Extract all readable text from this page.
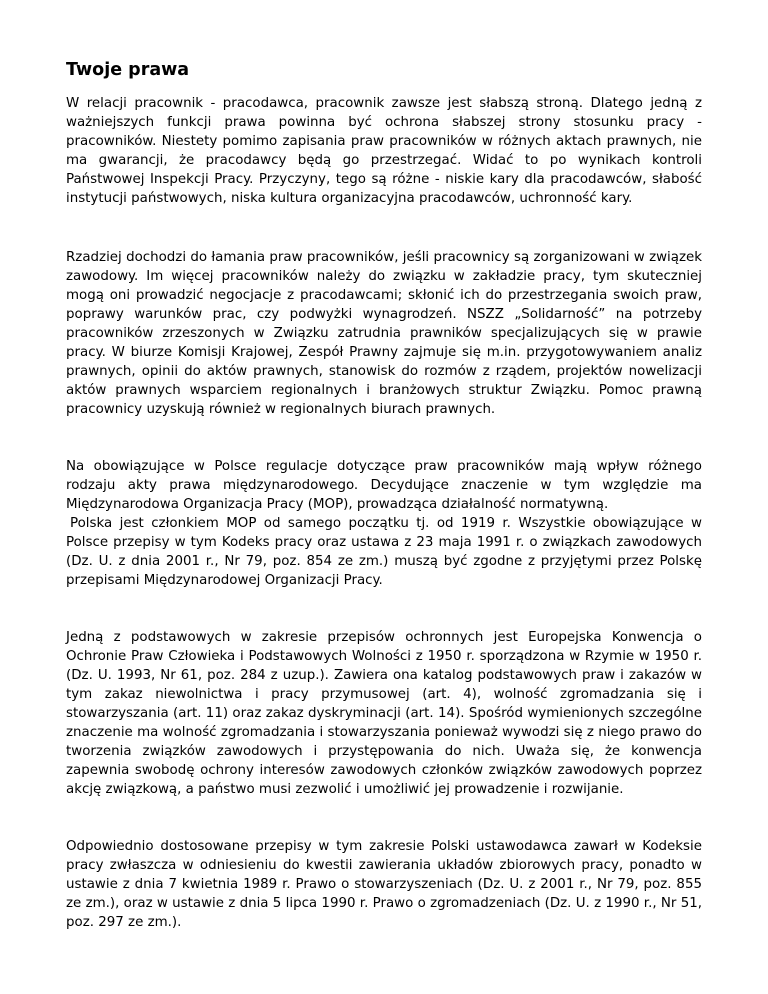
Twoje prawa

W relacji pracownik - pracodawca, pracownik zawsze jest słabszą stroną. Dlatego jedną z ważniejszych funkcji prawa powinna być ochrona słabszej strony stosunku pracy - pracowników. Niestety pomimo zapisania praw pracowników w różnych aktach prawnych, nie ma gwarancji, że pracodawcy będą go przestrzegać. Widać to po wynikach kontroli Państwowej Inspekcji Pracy. Przyczyny, tego są różne - niskie kary dla pracodawców, słabość instytucji państwowych, niska kultura organizacyjna pracodawców, uchronność kary.

Rzadziej dochodzi do łamania praw pracowników, jeśli pracownicy są zorganizowani w związek zawodowy. Im więcej pracowników należy do związku w zakładzie pracy, tym skuteczniej mogą oni prowadzić negocjacje z pracodawcami; skłonić ich do przestrzegania swoich praw, poprawy warunków prac, czy podwyżki wynagrodzeń. NSZZ „Solidarność” na potrzeby pracowników zrzeszonych w Związku zatrudnia prawników specjalizujących się w prawie pracy. W biurze Komisji Krajowej, Zespół Prawny zajmuje się m.in. przygotowywaniem analiz prawnych, opinii do aktów prawnych, stanowisk do rozmów z rządem, projektów nowelizacji aktów prawnych wsparciem regionalnych i branżowych struktur Związku. Pomoc prawną pracownicy uzyskują również w regionalnych biurach prawnych.

Na obowiązujące w Polsce regulacje dotyczące praw pracowników mają wpływ różnego rodzaju akty prawa międzynarodowego. Decydujące znaczenie w tym względzie ma Międzynarodowa Organizacja Pracy (MOP), prowadząca działalność normatywną.

Polska jest członkiem MOP od samego początku tj. od 1919 r. Wszystkie obowiązujące w Polsce przepisy w tym Kodeks pracy oraz ustawa z 23 maja 1991 r. o związkach zawodowych (Dz. U. z dnia 2001 r., Nr 79, poz. 854 ze zm.) muszą być zgodne z przyjętymi przez Polskę przepisami Międzynarodowej Organizacji Pracy.

Jedną z podstawowych w zakresie przepisów ochronnych jest Europejska Konwencja o Ochronie Praw Człowieka i Podstawowych Wolności z 1950 r. sporządzona w Rzymie w 1950 r. (Dz. U. 1993, Nr 61, poz. 284 z uzup.). Zawiera ona katalog podstawowych praw i zakazów w tym zakaz niewolnictwa i pracy przymusowej (art. 4), wolność zgromadzania się i stowarzyszania (art. 11) oraz zakaz dyskryminacji (art. 14). Spośród wymienionych szczególne znaczenie ma wolność zgromadzania i stowarzyszania ponieważ wywodzi się z niego prawo do tworzenia związków zawodowych i przystępowania do nich. Uważa się, że konwencja zapewnia swobodę ochrony interesów zawodowych członków związków zawodowych poprzez akcję związkową, a państwo musi zezwolić i umożliwić jej prowadzenie i rozwijanie.

Odpowiednio dostosowane przepisy w tym zakresie Polski ustawodawca zawarł w Kodeksie pracy zwłaszcza w odniesieniu do kwestii zawierania układów zbiorowych pracy, ponadto w ustawie z dnia 7 kwietnia 1989 r. Prawo o stowarzyszeniach (Dz. U. z 2001 r., Nr 79, poz. 855 ze zm.), oraz w ustawie z dnia 5 lipca 1990 r. Prawo o zgromadzeniach (Dz. U. z 1990 r., Nr 51, poz. 297 ze zm.).
